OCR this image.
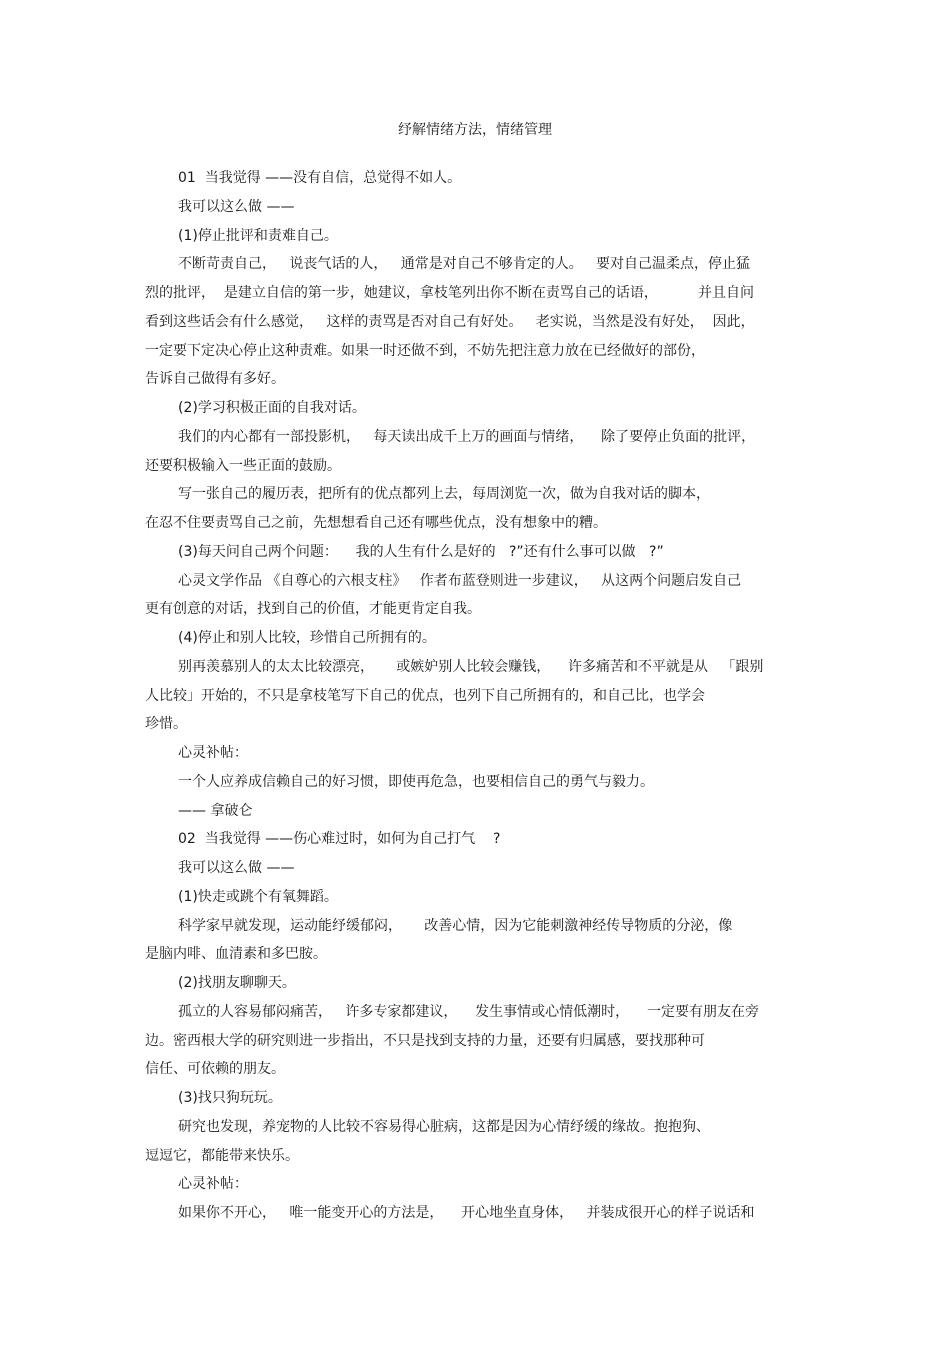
纾解情绪方法，情绪管理

01  当我觉得 ——没有自信，总觉得不如人。

我可以这么做 ——

(1)停止批评和责难自己。

不断苛责自己，   说丧气话的人，   通常是对自己不够肯定的人。   要对自己温柔点，停止猛

烈的批评，  是建立自信的第一步，她建议，拿枝笔列出你不断在责骂自己的话语，         并且自问

看到这些话会有什么感觉，   这样的责骂是否对自己有好处。   老实说，当然是没有好处，  因此，

一定要下定决心停止这种责难。如果一时还做不到，不妨先把注意力放在已经做好的部份，

告诉自己做得有多好。

(2)学习积极正面的自我对话。

我们的内心都有一部投影机，   每天读出成千上万的画面与情绪，    除了要停止负面的批评，

还要积极输入一些正面的鼓励。

写一张自己的履历表，把所有的优点都列上去，每周浏览一次，做为自我对话的脚本，

在忍不住要责骂自己之前，先想想看自己还有哪些优点，没有想象中的糟。

(3)每天问自己两个问题：    我的人生有什么是好的   ?”还有什么事可以做   ?”

心灵文学作品 《自尊心的六根支柱》   作者布蓝登则进一步建议，   从这两个问题启发自己

更有创意的对话，找到自己的价值，才能更肯定自我。

(4)停止和别人比较，珍惜自己所拥有的。

别再羡慕别人的太太比较漂亮，     或嫉妒别人比较会赚钱，    许多痛苦和不平就是从   「跟别

人比较」开始的，不只是拿枝笔写下自己的优点，也列下自己所拥有的，和自己比，也学会

珍惜。

心灵补帖：

一个人应养成信赖自己的好习惯，即使再危急，也要相信自己的勇气与毅力。

—— 拿破仑

02  当我觉得 ——伤心难过时，如何为自己打气    ?

我可以这么做 ——

(1)快走或跳个有氧舞蹈。

科学家早就发现，运动能纾缓郁闷，     改善心情，因为它能刺激神经传导物质的分泌，像

是脑内啡、血清素和多巴胺。

(2)找朋友聊聊天。

孤立的人容易郁闷痛苦，   许多专家都建议，    发生事情或心情低潮时，    一定要有朋友在旁

边。密西根大学的研究则进一步指出，不只是找到支持的力量，还要有归属感，要找那种可

信任、可依赖的朋友。

(3)找只狗玩玩。

研究也发现，养宠物的人比较不容易得心脏病，这都是因为心情纾缓的缘故。抱抱狗、

逗逗它，都能带来快乐。

心灵补帖：

如果你不开心，   唯一能变开心的方法是，    开心地坐直身体，   并装成很开心的样子说话和
